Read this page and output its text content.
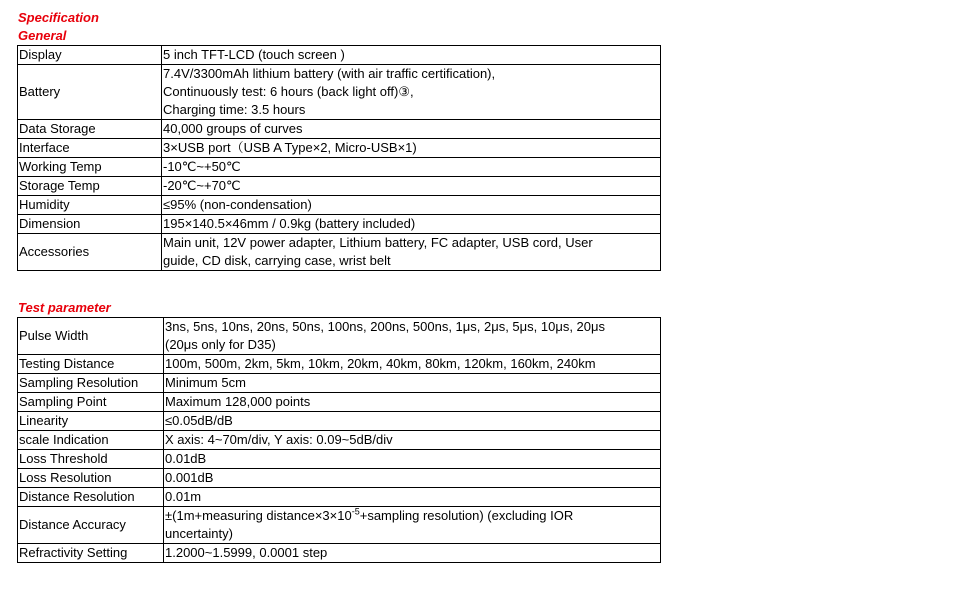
Specification
General
Display	5 inch TFT-LCD (touch screen )

Battery	7.4V/3300mAh lithium battery (with air traffic certification),
Continuously test: 6 hours (back light off)③,
Charging time: 3.5 hours

Data Storage	40,000 groups of curves

Interface	3×USB port（USB A Type×2, Micro-USB×1)

Working Temp	-10℃~+50℃

Storage Temp	-20℃~+70℃

Humidity	≤95% (non-condensation)

Dimension	195×140.5×46mm / 0.9kg (battery included)

Accessories	Main unit, 12V power adapter, Lithium battery, FC adapter, USB cord, User
guide, CD disk, carrying case, wrist belt
Test parameter
Pulse Width	3ns, 5ns, 10ns, 20ns, 50ns, 100ns, 200ns, 500ns, 1μs, 2μs, 5μs, 10μs, 20μs
(20μs only for D35)

Testing Distance	100m, 500m, 2km, 5km, 10km, 20km, 40km, 80km, 120km, 160km, 240km

Sampling Resolution	Minimum 5cm

Sampling Point	Maximum 128,000 points

Linearity	≤0.05dB/dB

scale Indication	X axis: 4~70m/div, Y axis: 0.09~5dB/div

Loss Threshold	0.01dB

Loss Resolution	0.001dB

Distance Resolution	0.01m

Distance Accuracy	±(1m+measuring $distance\times 3\times 10^{-5}+sampling$ resolution) (excluding IOR
uncertainty)

Refractivity Setting	1.2000~1.5999, 0.0001 step
